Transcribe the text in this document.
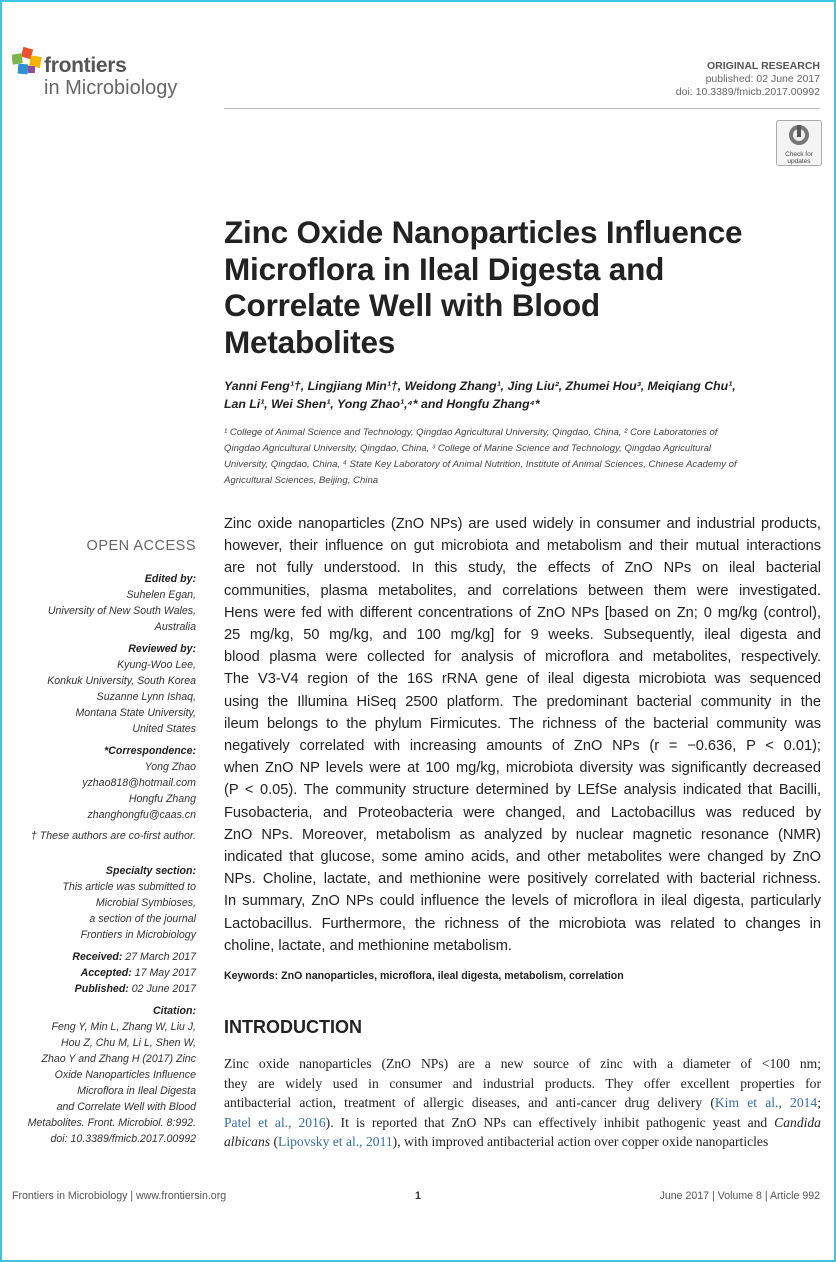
frontiers
in Microbiology
ORIGINAL RESEARCH
published: 02 June 2017
doi: 10.3389/fmicb.2017.00992
Check for
updates
Zinc Oxide Nanoparticles Influence
Microflora in Ileal Digesta and
Correlate Well with Blood
Metabolites
Yanni Feng¹†, Lingjiang Min¹†, Weidong Zhang¹, Jing Liu², Zhumei Hou³, Meiqiang Chu¹,
Lan Li¹, Wei Shen¹, Yong Zhao¹,⁴* and Hongfu Zhang⁴*
¹ College of Animal Science and Technology, Qingdao Agricultural University, Qingdao, China, ² Core Laboratories of
Qingdao Agricultural University, Qingdao, China, ³ College of Marine Science and Technology, Qingdao Agricultural
University, Qingdao, China, ⁴ State Key Laboratory of Animal Nutrition, Institute of Animal Sciences, Chinese Academy of
Agricultural Sciences, Beijing, China
OPEN ACCESS
Edited by:
Suhelen Egan,
University of New South Wales,
Australia
Reviewed by:
Kyung-Woo Lee,
Konkuk University, South Korea
Suzanne Lynn Ishaq,
Montana State University,
United States
*Correspondence:
Yong Zhao
yzhao818@hotmail.com
Hongfu Zhang
zhanghongfu@caas.cn
† These authors are co-first author.
Specialty section:
This article was submitted to
Microbial Symbioses,
a section of the journal
Frontiers in Microbiology
Received: 27 March 2017
Accepted: 17 May 2017
Published: 02 June 2017
Citation:
Feng Y, Min L, Zhang W, Liu J,
Hou Z, Chu M, Li L, Shen W,
Zhao Y and Zhang H (2017) Zinc
Oxide Nanoparticles Influence
Microflora in Ileal Digesta
and Correlate Well with Blood
Metabolites. Front. Microbiol. 8:992.
doi: 10.3389/fmicb.2017.00992
Zinc oxide nanoparticles (ZnO NPs) are used widely in consumer and industrial products,
however, their influence on gut microbiota and metabolism and their mutual interactions
are not fully understood. In this study, the effects of ZnO NPs on ileal bacterial
communities, plasma metabolites, and correlations between them were investigated.
Hens were fed with different concentrations of ZnO NPs [based on Zn; 0 mg/kg (control),
25 mg/kg, 50 mg/kg, and 100 mg/kg] for 9 weeks. Subsequently, ileal digesta and
blood plasma were collected for analysis of microflora and metabolites, respectively.
The V3-V4 region of the 16S rRNA gene of ileal digesta microbiota was sequenced
using the Illumina HiSeq 2500 platform. The predominant bacterial community in the
ileum belongs to the phylum Firmicutes. The richness of the bacterial community was
negatively correlated with increasing amounts of ZnO NPs (r = −0.636, P < 0.01);
when ZnO NP levels were at 100 mg/kg, microbiota diversity was significantly decreased
(P < 0.05). The community structure determined by LEfSe analysis indicated that Bacilli,
Fusobacteria, and Proteobacteria were changed, and Lactobacillus was reduced by
ZnO NPs. Moreover, metabolism as analyzed by nuclear magnetic resonance (NMR)
indicated that glucose, some amino acids, and other metabolites were changed by ZnO
NPs. Choline, lactate, and methionine were positively correlated with bacterial richness.
In summary, ZnO NPs could influence the levels of microflora in ileal digesta, particularly
Lactobacillus. Furthermore, the richness of the microbiota was related to changes in
choline, lactate, and methionine metabolism.
Keywords: ZnO nanoparticles, microflora, ileal digesta, metabolism, correlation
INTRODUCTION
Zinc oxide nanoparticles (ZnO NPs) are a new source of zinc with a diameter of <100 nm;
they are widely used in consumer and industrial products. They offer excellent properties for
antibacterial action, treatment of allergic diseases, and anti-cancer drug delivery (Kim et al., 2014;
Patel et al., 2016). It is reported that ZnO NPs can effectively inhibit pathogenic yeast and Candida
albicans (Lipovsky et al., 2011), with improved antibacterial action over copper oxide nanoparticles
Frontiers in Microbiology | www.frontiersin.org	1	June 2017 | Volume 8 | Article 992
